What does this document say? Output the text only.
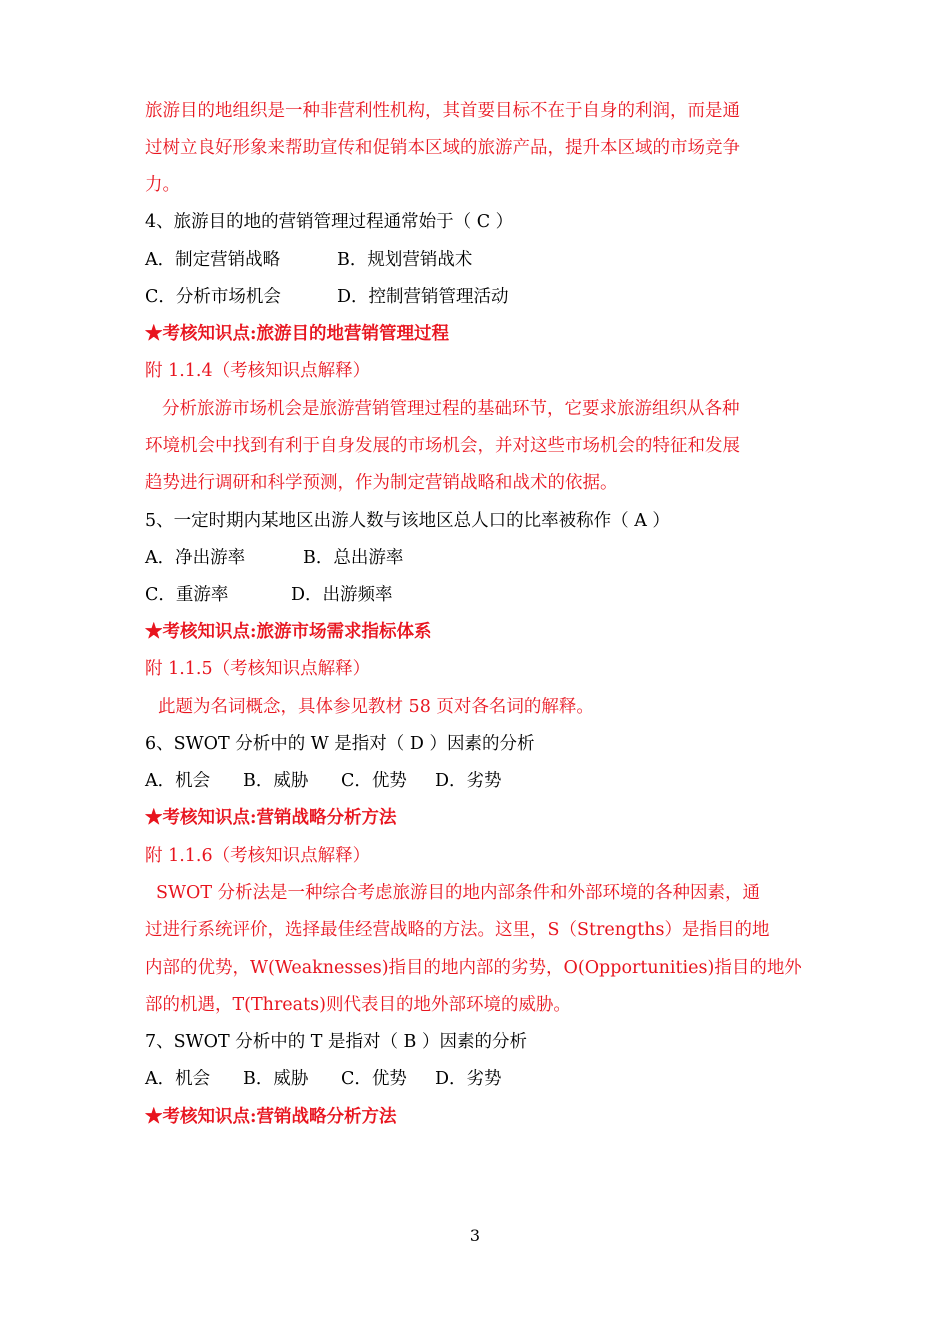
旅游目的地组织是一种非营利性机构，其首要目标不在于自身的利润，而是通
过树立良好形象来帮助宣传和促销本区域的旅游产品，提升本区域的市场竞争
力。
4、旅游目的地的营销管理过程通常始于（ C ）
A．制定营销战略	B．规划营销战术
C．分析市场机会	D．控制营销管理活动
★考核知识点:旅游目的地营销管理过程
附 1.1.4（考核知识点解释）
分析旅游市场机会是旅游营销管理过程的基础环节，它要求旅游组织从各种
环境机会中找到有利于自身发展的市场机会，并对这些市场机会的特征和发展
趋势进行调研和科学预测，作为制定营销战略和战术的依据。
5、一定时期内某地区出游人数与该地区总人口的比率被称作（ A ）
A．净出游率	B．总出游率
C．重游率	D．出游频率
★考核知识点:旅游市场需求指标体系
附 1.1.5（考核知识点解释）
此题为名词概念，具体参见教材 58 页对各名词的解释。
6、SWOT 分析中的 W 是指对（ D ）因素的分析
A．机会 B．威胁 C．优势 D．劣势
★考核知识点:营销战略分析方法
附 1.1.6（考核知识点解释）
SWOT 分析法是一种综合考虑旅游目的地内部条件和外部环境的各种因素，通
过进行系统评价，选择最佳经营战略的方法。这里，S（Strengths）是指目的地
内部的优势，W(Weaknesses)指目的地内部的劣势，O(Opportunities)指目的地外
部的机遇，T(Threats)则代表目的地外部环境的威胁。
7、SWOT 分析中的 T 是指对（ B ）因素的分析
A．机会 B．威胁 C．优势 D．劣势
★考核知识点:营销战略分析方法
3
